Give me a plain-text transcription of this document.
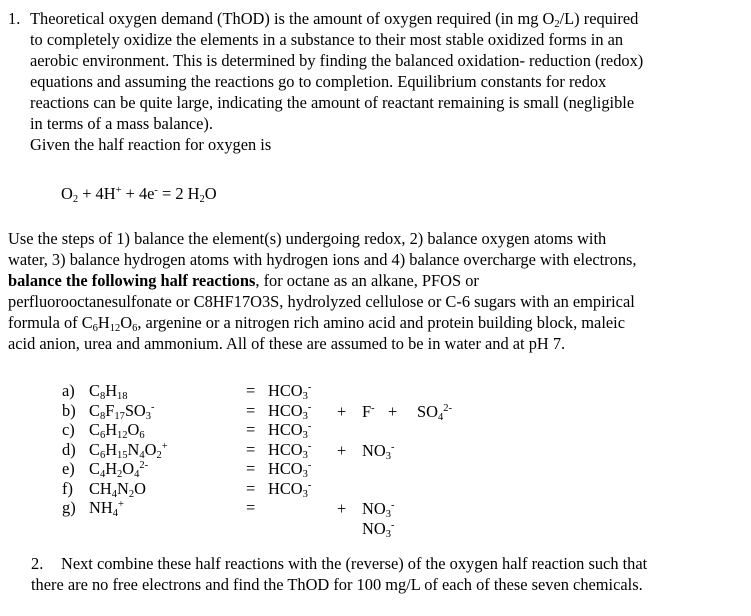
1. Theoretical oxygen demand (ThOD) is the amount of oxygen required (in mg $O_2/L$) required
to completely oxidize the elements in a substance to their most stable oxidized forms in an
aerobic environment. This is determined by finding the balanced oxidation- reduction (redox)
equations and assuming the reactions go to completion. Equilibrium constants for redox
reactions can be quite large, indicating the amount of reactant remaining is small (negligible
in terms of a mass balance).
Given the half reaction for oxygen is
$O_2 + 4H^+ + 4e^- = 2$ $H_2O$
Use the steps of 1) balance the element(s) undergoing redox, 2) balance oxygen atoms with
water, 3) balance hydrogen atoms with hydrogen ions and 4) balance overcharge with electrons,
balance the following half reactions, for octane as an alkane, PFOS or
perfluorooctanesulfonate or C8HF17O3S, hydrolyzed cellulose or C-6 sugars with an empirical
formula of $C_6H_{12}O_6$, argenine or a nitrogen rich amino acid and protein building block, maleic
acid anion, urea and ammonium. All of these are assumed to be in water and at pH 7.
a)
b)
c)
d)
e)
f)
g)
$C_8H_{18}$
$C_8F_{17}SO_3^-$
$C_6H_{12}O_6$
$C_6H_{15}N_4O_2^+$
$C_4H_2O_4^{2-}$
$CH_4N_2O$
$NH_4^+$
=
=
=
=
=
=
=
$HCO_3^-$
$HCO_3^-$
$HCO_3^-$
$HCO_3^-$
$HCO_3^-$
$HCO_3^-$

+
+
+
$F^- + SO_4^{2-}$
$NO_3^-$
$NO_3^-$
$NO_3^-$
2. Next combine these half reactions with the (reverse) of the oxygen half reaction such that
there are no free electrons and find the ThOD for 100 mg/L of each of these seven chemicals.
